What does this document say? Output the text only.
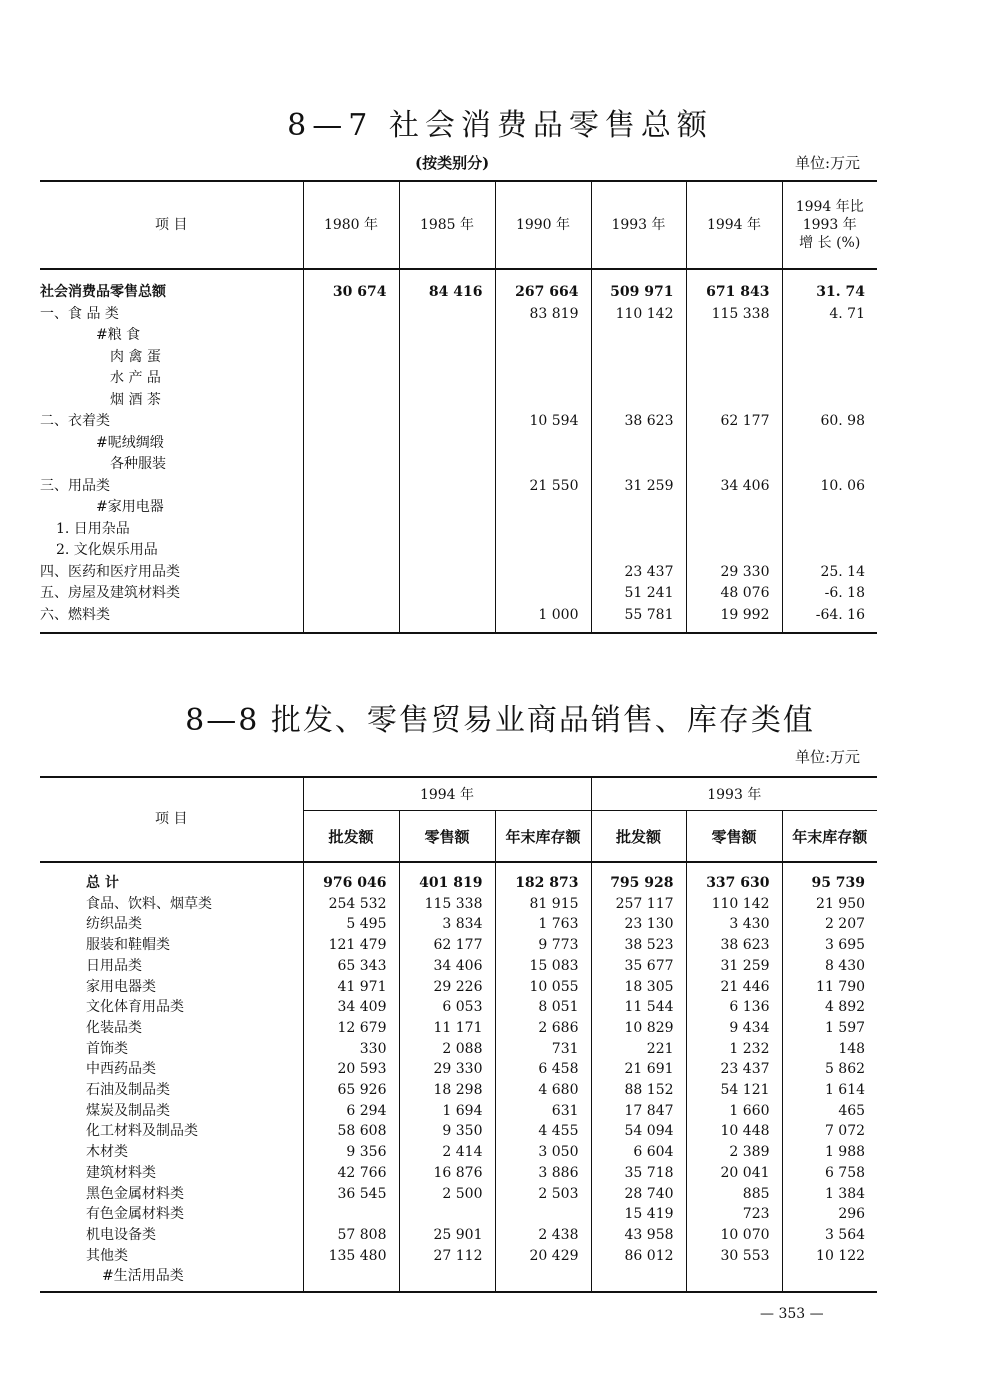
8—7 社会消费品零售总额
(按类别分)	单位:万元
项 目	1980 年	1985 年	1990 年	1993 年	1994 年	1994 年比
1993 年
增 长 (%)
社会消费品零售总额	30 674	84 416	267 664	509 971	671 843	31. 74
一、食 品 类			83 819	110 142	115 338	4. 71
#粮 食						
肉 禽 蛋						
水 产 品						
烟 酒 茶						
二、衣着类			10 594	38 623	62 177	60. 98
#呢绒绸缎						
各种服装						
三、用品类			21 550	31 259	34 406	10. 06
#家用电器						
1. 日用杂品						
2. 文化娱乐用品						
四、医药和医疗用品类				23 437	29 330	25. 14
五、房屋及建筑材料类				51 241	48 076	-6. 18
六、燃料类			1 000	55 781	19 992	-64. 16
8—8 批发、零售贸易业商品销售、库存类值
单位:万元
项 目	1994 年			1993 年		
	批发额	零售额	年末库存额	批发额	零售额	年末库存额
总 计	976 046	401 819	182 873	795 928	337 630	95 739
食品、饮料、烟草类	254 532	115 338	81 915	257 117	110 142	21 950
纺织品类	5 495	3 834	1 763	23 130	3 430	2 207
服装和鞋帽类	121 479	62 177	9 773	38 523	38 623	3 695
日用品类	65 343	34 406	15 083	35 677	31 259	8 430
家用电器类	41 971	29 226	10 055	18 305	21 446	11 790
文化体育用品类	34 409	6 053	8 051	11 544	6 136	4 892
化装品类	12 679	11 171	2 686	10 829	9 434	1 597
首饰类	330	2 088	731	221	1 232	148
中西药品类	20 593	29 330	6 458	21 691	23 437	5 862
石油及制品类	65 926	18 298	4 680	88 152	54 121	1 614
煤炭及制品类	6 294	1 694	631	17 847	1 660	465
化工材料及制品类	58 608	9 350	4 455	54 094	10 448	7 072
木材类	9 356	2 414	3 050	6 604	2 389	1 988
建筑材料类	42 766	16 876	3 886	35 718	20 041	6 758
黑色金属材料类	36 545	2 500	2 503	28 740	885	1 384
有色金属材料类				15 419	723	296
机电设备类	57 808	25 901	2 438	43 958	10 070	3 564
其他类	135 480	27 112	20 429	86 012	30 553	10 122
#生活用品类						
— 353 —
